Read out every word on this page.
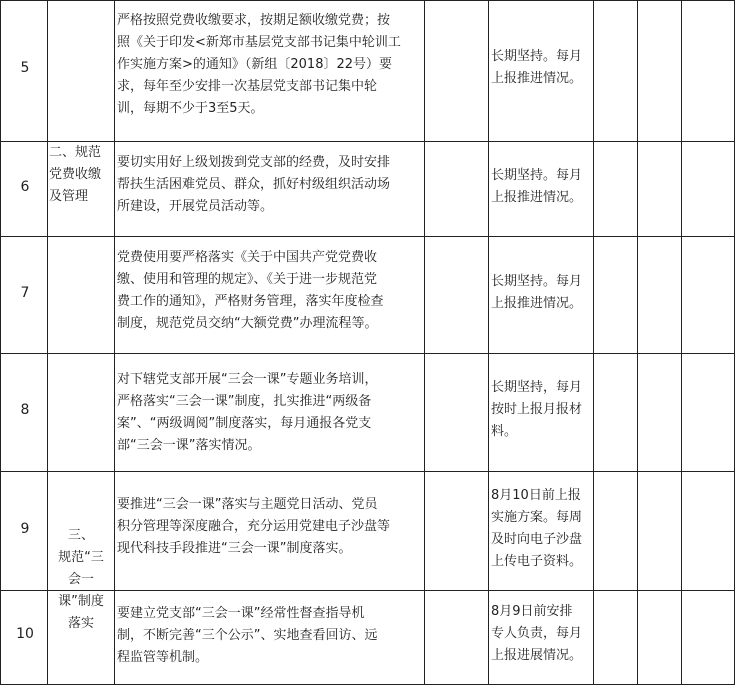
5
6
7
8
9
10
二、规范
党费收缴
及管理
三、
规范“三
会一
课”制度
落实
严格按照党费收缴要求，按期足额收缴党费；按
照《关于印发<新郑市基层党支部书记集中轮训工
作实施方案>的通知》（新组〔2018〕22号）要
求，每年至少安排一次基层党支部书记集中轮
训，每期不少于3至5天。
要切实用好上级划拨到党支部的经费，及时安排
帮扶生活困难党员、群众，抓好村级组织活动场
所建设，开展党员活动等。
党费使用要严格落实《关于中国共产党党费收
缴、使用和管理的规定》、《关于进一步规范党
费工作的通知》，严格财务管理，落实年度检查
制度，规范党员交纳“大额党费”办理流程等。
对下辖党支部开展“三会一课”专题业务培训，
严格落实“三会一课”制度，扎实推进“两级备
案”、“两级调阅”制度落实，每月通报各党支
部“三会一课”落实情况。
要推进“三会一课”落实与主题党日活动、党员
积分管理等深度融合，充分运用党建电子沙盘等
现代科技手段推进“三会一课”制度落实。
要建立党支部“三会一课”经常性督查指导机
制，不断完善“三个公示”、实地查看回访、远
程监管等机制。
长期坚持。每月
上报推进情况。
长期坚持。每月
上报推进情况。
长期坚持。每月
上报推进情况。
长期坚持，每月
按时上报月报材
料。
8月10日前上报
实施方案。每周
及时向电子沙盘
上传电子资料。
8月9日前安排
专人负责，每月
上报进展情况。
